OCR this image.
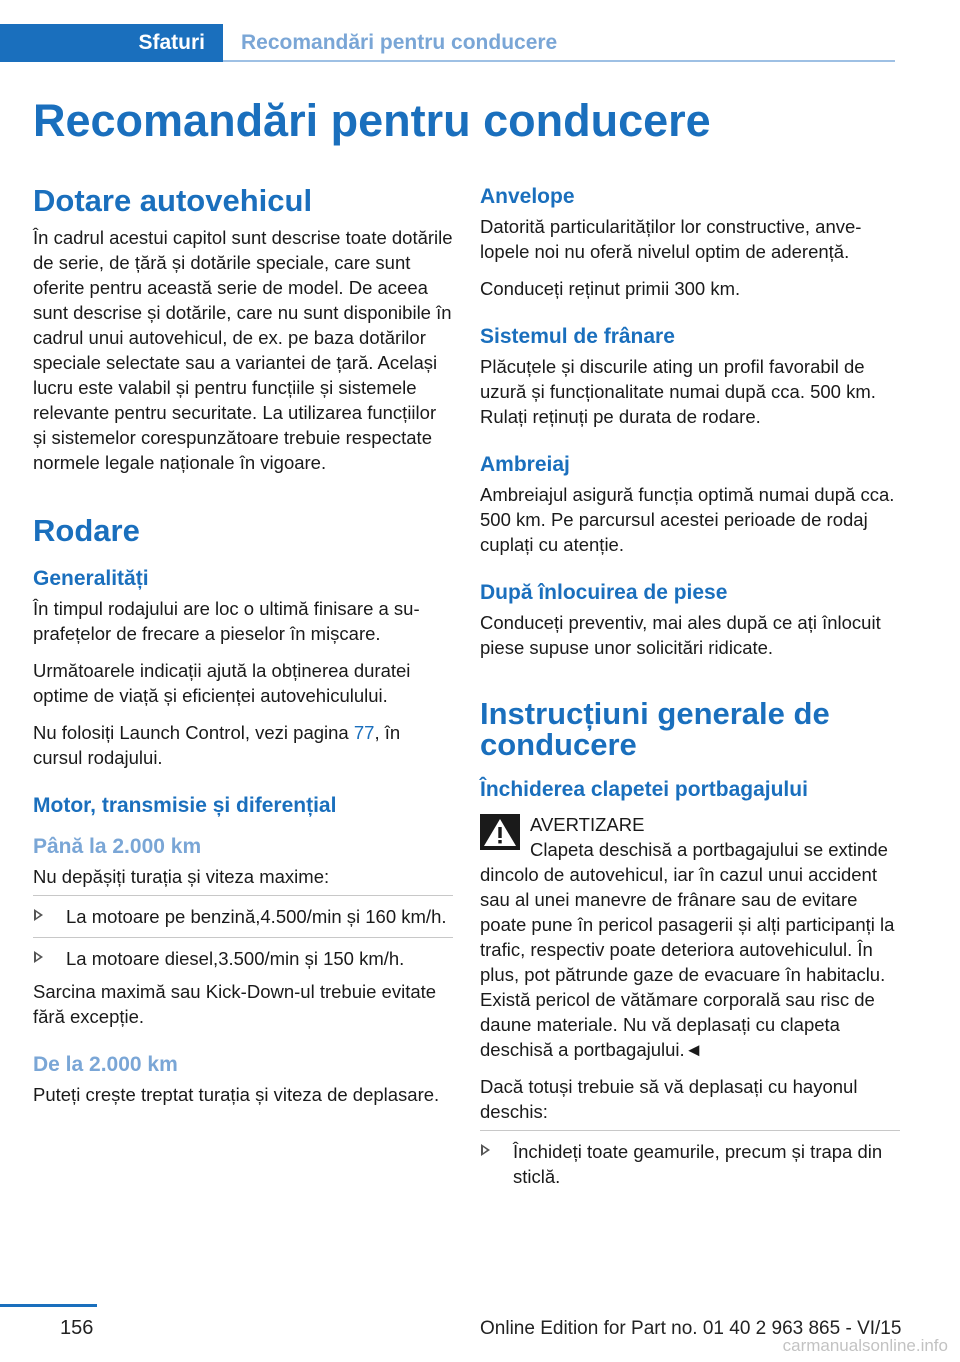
Sfaturi	Recomandări pentru conducere
Recomandări pentru conducere
Dotare autovehicul

În cadrul acestui capitol sunt descrise toate dotările de serie, de țără și dotările speciale, care sunt oferite pentru această serie de model. De aceea sunt descrise și dotările, care nu sunt disponibile în cadrul unui autovehicul, de ex. pe baza dotărilor speciale selectate sau a variantei de țară. Același lucru este valabil și pentru funcțiile și sistemele relevante pentru securitate. La utilizarea funcțiilor și sistemelor corespunzătoare trebuie respectate normele legale naționale în vigoare.

Rodare
Generalități

În timpul rodajului are loc o ultimă finisare a suprafețelor de frecare a pieselor în mișcare.

Următoarele indicații ajută la obținerea duratei optime de viață și eficienței autovehiculului.

Nu folosiți Launch Control, vezi pagina 77, în cursul rodajului.

Motor, transmisie și diferențial
Până la 2.000 km

Nu depășiți turația și viteza maxime:

La motoare pe benzină,4.500/min și 160 km/h.
La motoare diesel,3.500/min și 150 km/h.

Sarcina maximă sau Kick-Down-ul trebuie evitate fără excepție.

De la 2.000 km

Puteți crește treptat turația și viteza de deplasare.

Anvelope

Datorită particularităților lor constructive, anvelopele noi nu oferă nivelul optim de aderență.

Conduceți reținut primii 300 km.

Sistemul de frânare

Plăcuțele și discurile ating un profil favorabil de uzură și funcționalitate numai după cca. 500 km. Rulați reținuți pe durata de rodare.

Ambreiaj

Ambreiajul asigură funcția optimă numai după cca. 500 km. Pe parcursul acestei perioade de rodaj cuplați cu atenție.

După înlocuirea de piese

Conduceți preventiv, mai ales după ce ați înlocuit piese supuse unor solicitări ridicate.

Instrucțiuni generale de conducere
Închiderea clapetei portbagajului

AVERTIZARE

Clapeta deschisă a portbagajului se extinde dincolo de autovehicul, iar în cazul unui accident sau al unei manevre de frânare sau de evitare poate pune în pericol pasagerii și alți participanți la trafic, respectiv poate deteriora autovehiculul. În plus, pot pătrunde gaze de evacuare în habitaclu. Există pericol de vătămare corporală sau risc de daune materiale. Nu vă deplasați cu clapeta deschisă a portbagajului.◄

Dacă totuși trebuie să vă deplasați cu hayonul deschis:

Închideți toate geamurile, precum și trapa din sticlă.
156	Online Edition for Part no. 01 40 2 963 865 - VI/15
carmanualsonline.info
